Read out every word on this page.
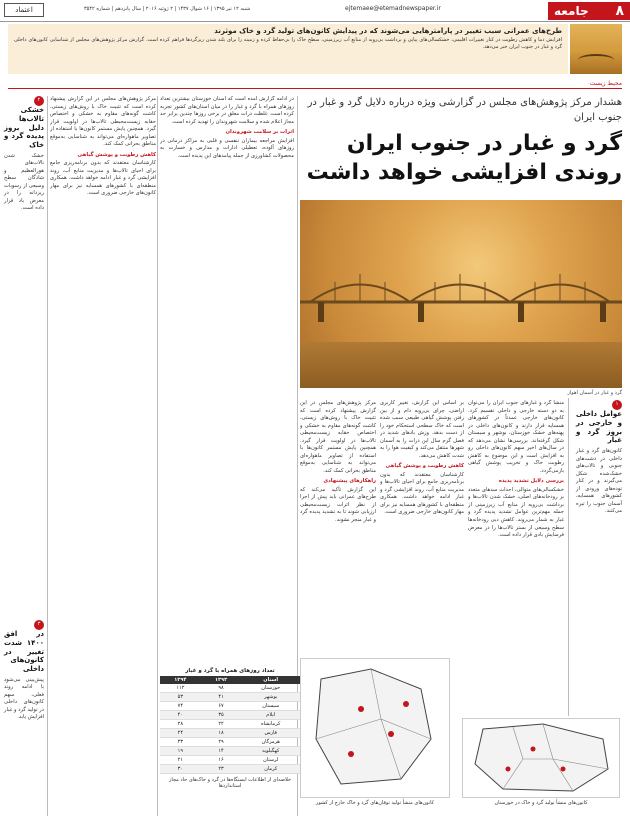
۸
جامعه
ejtemaee@etemadnewspaper.ir
شنبه ۱۲ تیر ۱۳۹۵ | ۱۶ شوال ۱۴۳۷ | ۲ ژوئیه ۲۰۱۶ | سال پانزدهم | شماره ۳۵۴۲
اعتماد
طرح‌های عمرانی سبب تغییر در پارامترهایی می‌شوند که در پیدایش کانون‌های تولید گرد و خاک موثرند
افزایش دما و کاهش رطوبت در کنار تغییرات اقلیمی، خشکسالی‌های پیاپی و برداشت بی‌رویه از منابع آب زیرزمینی، سطح خاک را بی‌حفاظ کرده و زمینه را برای بلند شدن ریزگردها فراهم کرده است. گزارش مرکز پژوهش‌های مجلس از شناسایی کانون‌های داخلی گرد و غبار در جنوب ایران خبر می‌دهد.
محیط زیست
هشدار مرکز پژوهش‌های مجلس در گزارشی ویژه درباره دلایل گرد و غبار در جنوب ایران
گرد و غبار در جنوب ایران روندی افزایشی خواهد داشت
گرد و غبار در آسمان اهواز
۱
عوامل داخلی و خارجی در بروز گرد و غبار
کانون‌های گرد و غبار داخلی در دشت‌های جنوبی و تالاب‌های خشک‌شده شکل می‌گیرند و در کنار توده‌های ورودی از کشورهای همسایه، آسمان جنوب را تیره می‌کنند.
منشأ گرد و غبارهای جنوب ایران را می‌توان به دو دسته خارجی و داخلی تقسیم کرد. کانون‌های خارجی عمدتاً در کشورهای همسایه قرار دارند و کانون‌های داخلی در پهنه‌های خشک خوزستان، بوشهر و سیستان شکل گرفته‌اند. بررسی‌ها نشان می‌دهد که در سال‌های اخیر سهم کانون‌های داخلی رو به افزایش است و این موضوع به کاهش رطوبت خاک و تخریب پوشش گیاهی بازمی‌گردد.
بررسی دلایل تشدید پدیده
خشکسالی‌های متوالی، احداث سدهای متعدد بر رودخانه‌های اصلی، خشک شدن تالاب‌ها و برداشت بی‌رویه از منابع آب زیرزمینی از جمله مهم‌ترین عوامل تشدید پدیده گرد و غبار به شمار می‌روند. کاهش دبی رودخانه‌ها سطح وسیعی از بستر تالاب‌ها را در معرض فرسایش بادی قرار داده است.
بر اساس این گزارش، تغییر کاربری اراضی، چرای بی‌رویه دام و از بین رفتن پوشش گیاهی طبیعی سبب شده است که خاک سطحی استحکام خود را از دست بدهد. وزش بادهای شدید در فصل گرم سال این ذرات را به آسمان شهرها منتقل می‌کند و کیفیت هوا را به شدت کاهش می‌دهد.
کاهش رطوبت و پوشش گیاهی
کارشناسان معتقدند که بدون برنامه‌ریزی جامع برای احیای تالاب‌ها و مدیریت منابع آب، روند افزایشی گرد و غبار ادامه خواهد داشت. همکاری منطقه‌ای با کشورهای همسایه نیز برای مهار کانون‌های خارجی ضروری است.
مرکز پژوهش‌های مجلس در این گزارش پیشنهاد کرده است که تثبیت خاک با روش‌های زیستی، کاشت گونه‌های مقاوم به خشکی و اختصاص حقابه زیست‌محیطی تالاب‌ها در اولویت قرار گیرد. همچنین پایش مستمر کانون‌ها با استفاده از تصاویر ماهواره‌ای می‌تواند به شناسایی به‌موقع مناطق بحرانی کمک کند.
راهکارهای پیشنهادی
این گزارش تأکید می‌کند که طرح‌های عمرانی باید پیش از اجرا از نظر اثرات زیست‌محیطی ارزیابی شوند تا به تشدید پدیده گرد و غبار منجر نشوند.
در ادامه گزارش آمده است که استان خوزستان بیشترین تعداد روزهای همراه با گرد و غبار را در میان استان‌های کشور تجربه کرده است. غلظت ذرات معلق در برخی روزها چندین برابر حد مجاز اعلام شده و سلامت شهروندان را تهدید کرده است.
اثرات بر سلامت شهروندان
افزایش مراجعه بیماران تنفسی و قلبی به مراکز درمانی در روزهای آلوده، تعطیلی ادارات و مدارس و خسارت به محصولات کشاورزی از جمله پیامدهای این پدیده است.
مرکز پژوهش‌های مجلس در این گزارش پیشنهاد کرده است که تثبیت خاک با روش‌های زیستی، کاشت گونه‌های مقاوم به خشکی و اختصاص حقابه زیست‌محیطی تالاب‌ها در اولویت قرار گیرد. همچنین پایش مستمر کانون‌ها با استفاده از تصاویر ماهواره‌ای می‌تواند به شناسایی به‌موقع مناطق بحرانی کمک کند.
کاهش رطوبت و پوشش گیاهی
کارشناسان معتقدند که بدون برنامه‌ریزی جامع برای احیای تالاب‌ها و مدیریت منابع آب، روند افزایشی گرد و غبار ادامه خواهد داشت. همکاری منطقه‌ای با کشورهای همسایه نیز برای مهار کانون‌های خارجی ضروری است.
۲
خشکی تالاب‌ها دلیل بروز پدیده گرد و خاک
خشک شدن تالاب‌های هورالعظیم و شادگان سطح وسیعی از رسوبات ریزدانه را در معرض باد قرار داده است.
۳
در افق ۱۴۰۰ شدت تغییر در کانون‌های داخلی
پیش‌بینی می‌شود با ادامه روند فعلی، سهم کانون‌های داخلی در تولید گرد و غبار افزایش یابد.
کانون‌های منشأ تولید توفان‌های گرد و خاک خارج از کشور	کانون‌های منشأ تولید گرد و خاک در خوزستان
تعداد روزهای همراه با گرد و غبار
استان	۱۳۹۳	۱۳۹۴
خوزستان	۹۸	۱۱۲
بوشهر	۴۱	۵۳
سیستان	۶۷	۷۴
ایلام	۳۵	۴۰
کرمانشاه	۲۲	۲۸
فارس	۱۸	۲۴
هرمزگان	۲۹	۳۳
کهگیلویه	۱۴	۱۹
لرستان	۱۶	۲۱
کرمان	۲۳	۳۰
خلاصه‌ای از اطلاعات ایستگاه‌ها در گرد و خاک‌های حاد مجاز استاندارد‌ها
